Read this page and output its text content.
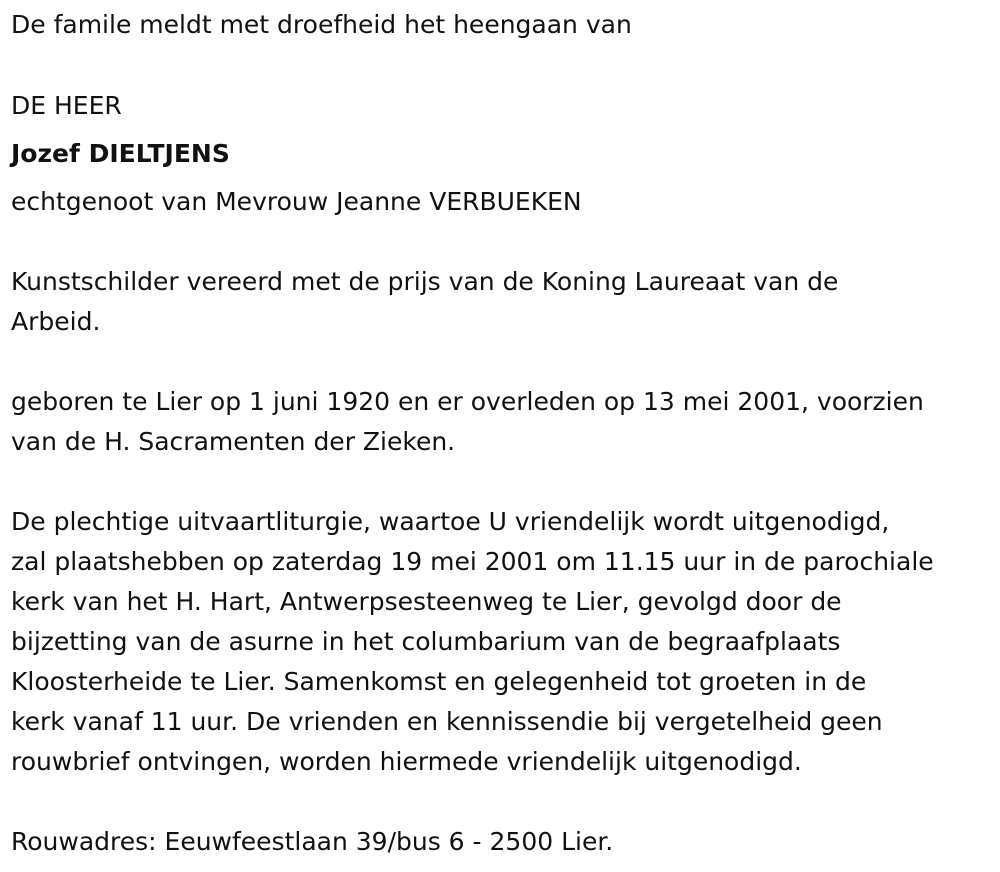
De famile meldt met droefheid het heengaan van

DE HEER

Jozef DIELTJENS

echtgenoot van Mevrouw Jeanne VERBUEKEN

Kunstschilder vereerd met de prijs van de Koning Laureaat van de
Arbeid.
geboren te Lier op 1 juni 1920 en er overleden op 13 mei 2001, voorzien
van de H. Sacramenten der Zieken.
De plechtige uitvaartliturgie, waartoe U vriendelijk wordt uitgenodigd,
zal plaatshebben op zaterdag 19 mei 2001 om 11.15 uur in de parochiale
kerk van het H. Hart, Antwerpsesteenweg te Lier, gevolgd door de
bijzetting van de asurne in het columbarium van de begraafplaats
Kloosterheide te Lier. Samenkomst en gelegenheid tot groeten in de
kerk vanaf 11 uur. De vrienden en kennissendie bij vergetelheid geen
rouwbrief ontvingen, worden hiermede vriendelijk uitgenodigd.
Rouwadres: Eeuwfeestlaan 39/bus 6 - 2500 Lier.
